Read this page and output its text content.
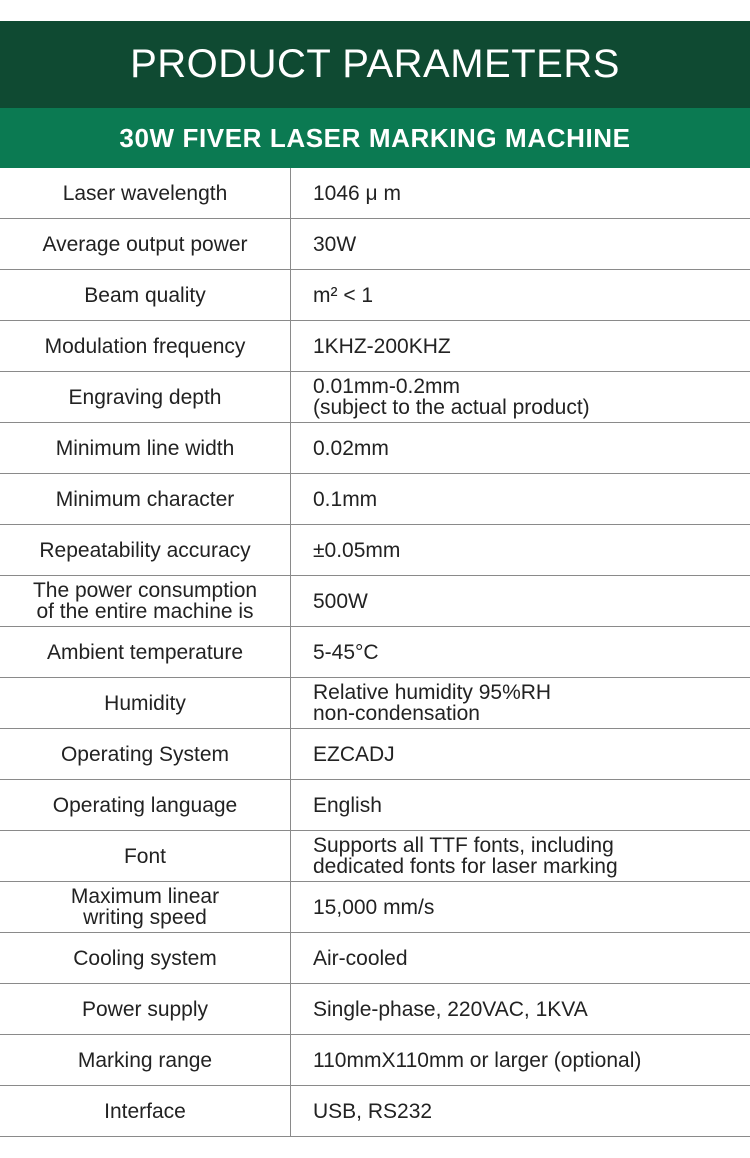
PRODUCT PARAMETERS
30W FIVER LASER MARKING MACHINE
Laser wavelength	1046 μ m
Average output power	30W
Beam quality	m² < 1
Modulation frequency	1KHZ-200KHZ
Engraving depth	0.01mm-0.2mm
(subject to the actual product)
Minimum line width	0.02mm
Minimum character	0.1mm
Repeatability accuracy	±0.05mm
The power consumption
of the entire machine is	500W
Ambient temperature	5-45°C
Humidity	Relative humidity 95%RH
non-condensation
Operating System	EZCADJ
Operating language	English
Font	Supports all TTF fonts, including
dedicated fonts for laser marking
Maximum linear
writing speed	15,000 mm/s
Cooling system	Air-cooled
Power supply	Single-phase, 220VAC, 1KVA
Marking range	110mmX110mm or larger (optional)
Interface	USB, RS232
